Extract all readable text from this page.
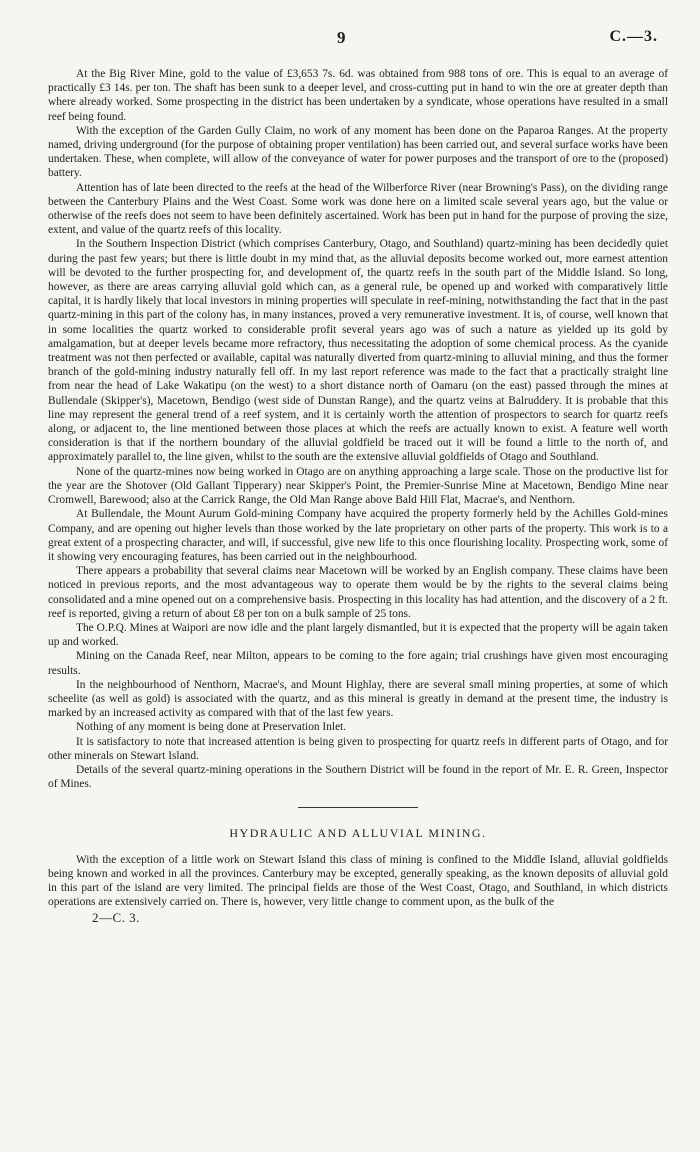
9	C.—3.

At the Big River Mine, gold to the value of £3,653 7s. 6d. was obtained from 988 tons of ore. This is equal to an average of practically £3 14s. per ton. The shaft has been sunk to a deeper level, and cross-cutting put in hand to win the ore at greater depth than where already worked. Some prospecting in the district has been undertaken by a syndicate, whose operations have resulted in a small reef being found.

With the exception of the Garden Gully Claim, no work of any moment has been done on the Paparoa Ranges. At the property named, driving underground (for the purpose of obtaining proper ventilation) has been carried out, and several surface works have been undertaken. These, when complete, will allow of the conveyance of water for power purposes and the transport of ore to the (proposed) battery.

Attention has of late been directed to the reefs at the head of the Wilberforce River (near Browning's Pass), on the dividing range between the Canterbury Plains and the West Coast. Some work was done here on a limited scale several years ago, but the value or otherwise of the reefs does not seem to have been definitely ascertained. Work has been put in hand for the purpose of proving the size, extent, and value of the quartz reefs of this locality.

In the Southern Inspection District (which comprises Canterbury, Otago, and Southland) quartz-mining has been decidedly quiet during the past few years; but there is little doubt in my mind that, as the alluvial deposits become worked out, more earnest attention will be devoted to the further prospecting for, and development of, the quartz reefs in the south part of the Middle Island. So long, however, as there are areas carrying alluvial gold which can, as a general rule, be opened up and worked with comparatively little capital, it is hardly likely that local investors in mining properties will speculate in reef-mining, notwithstanding the fact that in the past quartz-mining in this part of the colony has, in many instances, proved a very remunerative investment. It is, of course, well known that in some localities the quartz worked to considerable profit several years ago was of such a nature as yielded up its gold by amalgamation, but at deeper levels became more refractory, thus necessitating the adoption of some chemical process. As the cyanide treatment was not then perfected or available, capital was naturally diverted from quartz-mining to alluvial mining, and thus the former branch of the gold-mining industry naturally fell off. In my last report reference was made to the fact that a practically straight line from near the head of Lake Wakatipu (on the west) to a short distance north of Oamaru (on the east) passed through the mines at Bullendale (Skipper's), Macetown, Bendigo (west side of Dunstan Range), and the quartz veins at Balruddery. It is probable that this line may represent the general trend of a reef system, and it is certainly worth the attention of prospectors to search for quartz reefs along, or adjacent to, the line mentioned between those places at which the reefs are actually known to exist. A feature well worth consideration is that if the northern boundary of the alluvial goldfield be traced out it will be found a little to the north of, and approximately parallel to, the line given, whilst to the south are the extensive alluvial goldfields of Otago and Southland.

None of the quartz-mines now being worked in Otago are on anything approaching a large scale. Those on the productive list for the year are the Shotover (Old Gallant Tipperary) near Skipper's Point, the Premier-Sunrise Mine at Macetown, Bendigo Mine near Cromwell, Barewood; also at the Carrick Range, the Old Man Range above Bald Hill Flat, Macrae's, and Nenthorn.

At Bullendale, the Mount Aurum Gold-mining Company have acquired the property formerly held by the Achilles Gold-mines Company, and are opening out higher levels than those worked by the late proprietary on other parts of the property. This work is to a great extent of a prospecting character, and will, if successful, give new life to this once flourishing locality. Prospecting work, some of it showing very encouraging features, has been carried out in the neighbourhood.

There appears a probability that several claims near Macetown will be worked by an English company. These claims have been noticed in previous reports, and the most advantageous way to operate them would be by the rights to the several claims being consolidated and a mine opened out on a comprehensive basis. Prospecting in this locality has had attention, and the discovery of a 2 ft. reef is reported, giving a return of about £8 per ton on a bulk sample of 25 tons.

The O.P.Q. Mines at Waipori are now idle and the plant largely dismantled, but it is expected that the property will be again taken up and worked.

Mining on the Canada Reef, near Milton, appears to be coming to the fore again; trial crushings have given most encouraging results.

In the neighbourhood of Nenthorn, Macrae's, and Mount Highlay, there are several small mining properties, at some of which scheelite (as well as gold) is associated with the quartz, and as this mineral is greatly in demand at the present time, the industry is marked by an increased activity as compared with that of the last few years.

Nothing of any moment is being done at Preservation Inlet.

It is satisfactory to note that increased attention is being given to prospecting for quartz reefs in different parts of Otago, and for other minerals on Stewart Island.

Details of the several quartz-mining operations in the Southern District will be found in the report of Mr. E. R. Green, Inspector of Mines.

HYDRAULIC AND ALLUVIAL MINING.

With the exception of a little work on Stewart Island this class of mining is confined to the Middle Island, alluvial goldfields being known and worked in all the provinces. Canterbury may be excepted, generally speaking, as the known deposits of alluvial gold in this part of the island are very limited. The principal fields are those of the West Coast, Otago, and Southland, in which districts operations are extensively carried on. There is, however, very little change to comment upon, as the bulk of the

2—C. 3.
